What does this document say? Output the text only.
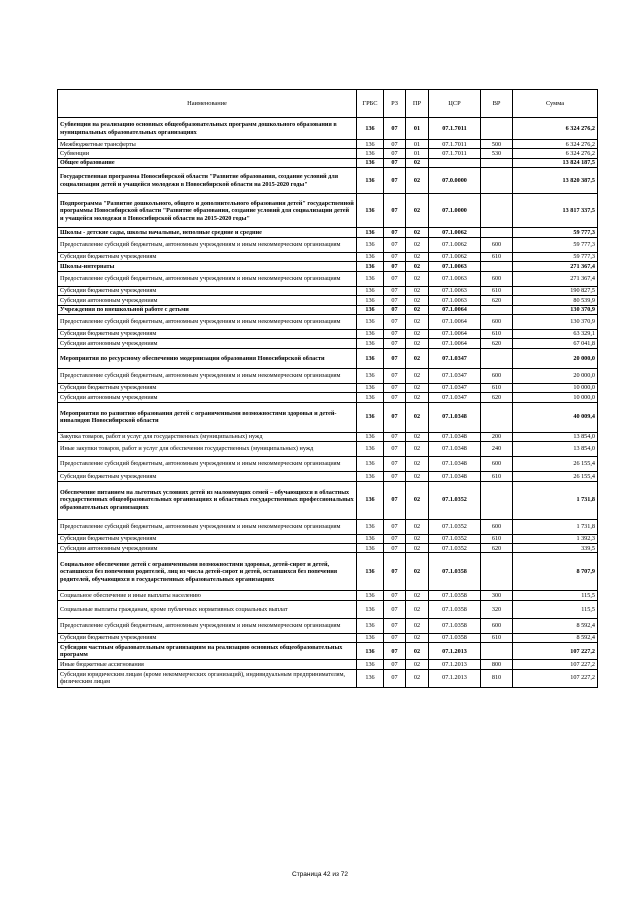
Наименование	ГРБС	РЗ	ПР	ЦСР	ВР	Сумма
Субвенции на реализацию основных общеобразовательных программ дошкольного образования в муниципальных образовательных организациях	136	07	01	07.1.7011		6 324 276,2
Межбюджетные трансферты	136	07	01	07.1.7011	500	6 324 276,2
Субвенции	136	07	01	07.1.7011	530	6 324 276,2
Общее образование	136	07	02			13 824 187,5
Государственная программа Новосибирской области "Развитие образования, создание условий для социализации детей и учащейся молодежи в Новосибирской области на 2015-2020 годы"	136	07	02	07.0.0000		13 820 387,5
Подпрограмма "Развитие дошкольного, общего и дополнительного образования детей" государственной программы Новосибирской области "Развитие образования, создание условий для социализации детей и учащейся молодежи в Новосибирской области на 2015-2020 годы"	136	07	02	07.1.0000		13 817 337,5
Школы - детские сады, школы начальные, неполные средние и средние	136	07	02	07.1.0062		59 777,3
Предоставление субсидий бюджетным, автономным учреждениям и иным некоммерческим организациям	136	07	02	07.1.0062	600	59 777,3
Субсидии бюджетным учреждениям	136	07	02	07.1.0062	610	59 777,3
Школы-интернаты	136	07	02	07.1.0063		271 367,4
Предоставление субсидий бюджетным, автономным учреждениям и иным некоммерческим организациям	136	07	02	07.1.0063	600	271 367,4
Субсидии бюджетным учреждениям	136	07	02	07.1.0063	610	190 827,5
Субсидии автономным учреждениям	136	07	02	07.1.0063	620	80 539,9
Учреждения по внешкольной работе с детьми	136	07	02	07.1.0064		130 370,9
Предоставление субсидий бюджетным, автономным учреждениям и иным некоммерческим организациям	136	07	02	07.1.0064	600	130 370,9
Субсидии бюджетным учреждениям	136	07	02	07.1.0064	610	63 329,1
Субсидии автономным учреждениям	136	07	02	07.1.0064	620	67 041,8
Мероприятия по ресурсному обеспечению модернизации образования Новосибирской области	136	07	02	07.1.0347		20 000,0
Предоставление субсидий бюджетным, автономным учреждениям и иным некоммерческим организациям	136	07	02	07.1.0347	600	20 000,0
Субсидии бюджетным учреждениям	136	07	02	07.1.0347	610	10 000,0
Субсидии автономным учреждениям	136	07	02	07.1.0347	620	10 000,0
Мероприятия по развитию образования детей с ограниченными возможностями здоровья и детей-инвалидов Новосибирской области	136	07	02	07.1.0348		40 009,4
Закупка товаров, работ и услуг для государственных (муниципальных) нужд	136	07	02	07.1.0348	200	13 854,0
Иные закупки товаров, работ и услуг для обеспечения государственных (муниципальных) нужд	136	07	02	07.1.0348	240	13 854,0
Предоставление субсидий бюджетным, автономным учреждениям и иным некоммерческим организациям	136	07	02	07.1.0348	600	26 155,4
Субсидии бюджетным учреждениям	136	07	02	07.1.0348	610	26 155,4
Обеспечение питанием на льготных условиях детей из малоимущих семей – обучающихся в областных государственных общеобразовательных организациях и областных государственных профессиональных образовательных организациях	136	07	02	07.1.0352		1 731,8
Предоставление субсидий бюджетным, автономным учреждениям и иным некоммерческим организациям	136	07	02	07.1.0352	600	1 731,8
Субсидии бюджетным учреждениям	136	07	02	07.1.0352	610	1 392,3
Субсидии автономным учреждениям	136	07	02	07.1.0352	620	339,5
Социальное обеспечение детей с ограниченными возможностями здоровья, детей-сирот и детей, оставшихся без попечения родителей, лиц из числа детей-сирот и детей, оставшихся без попечения родителей, обучающихся в государственных образовательных организациях	136	07	02	07.1.0358		8 707,9
Социальное обеспечение и иные выплаты населению	136	07	02	07.1.0358	300	115,5
Социальные выплаты гражданам, кроме публичных нормативных социальных выплат	136	07	02	07.1.0358	320	115,5
Предоставление субсидий бюджетным, автономным учреждениям и иным некоммерческим организациям	136	07	02	07.1.0358	600	8 592,4
Субсидии бюджетным учреждениям	136	07	02	07.1.0358	610	8 592,4
Субсидии частным образовательным организациям на реализацию основных общеобразовательных программ	136	07	02	07.1.2013		107 227,2
Иные бюджетные ассигнования	136	07	02	07.1.2013	800	107 227,2
Субсидии юридическим лицам (кроме некоммерческих организаций), индивидуальным предпринимателям, физическим лицам	136	07	02	07.1.2013	810	107 227,2
Страница 42 из 72
